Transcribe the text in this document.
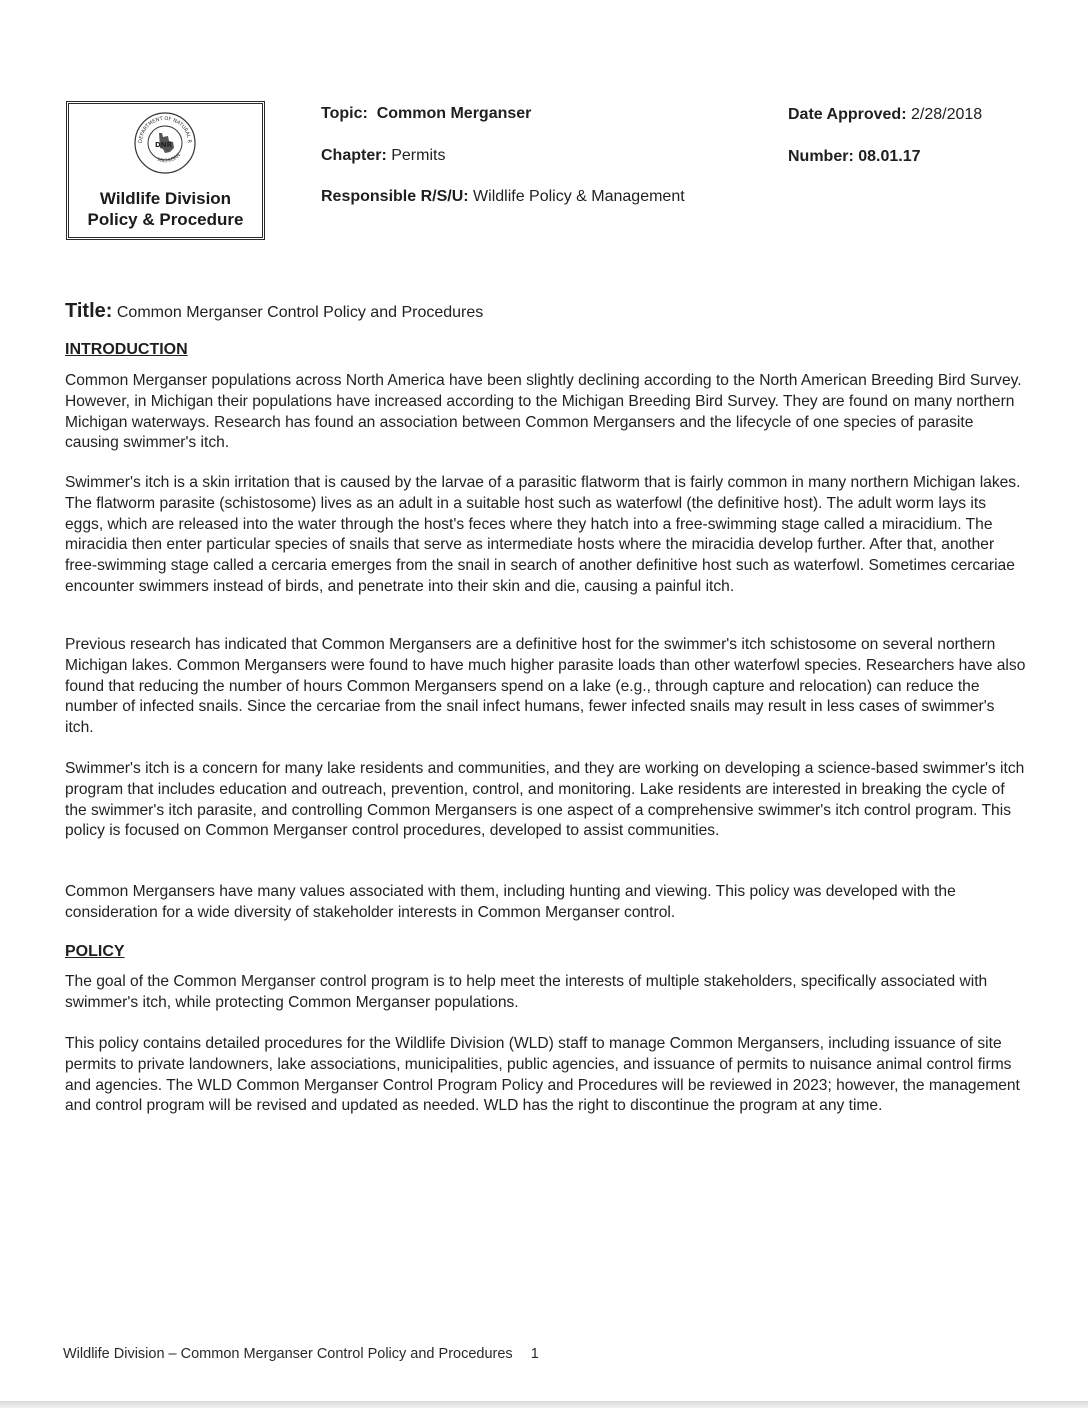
DEPARTMENT OF NATURAL R
MICHIGAN
DNR
Wildlife Division
Policy & Procedure
Topic: Common Merganser
Chapter: Permits
Responsible R/S/U: Wildlife Policy & Management
Date Approved: 2/28/2018
Number: 08.01.17
Title: Common Merganser Control Policy and Procedures
INTRODUCTION

Common Merganser populations across North America have been slightly declining according to the North American Breeding Bird Survey. However, in Michigan their populations have increased according to the Michigan Breeding Bird Survey. They are found on many northern Michigan waterways. Research has found an association between Common Mergansers and the lifecycle of one species of parasite causing swimmer's itch.

Swimmer's itch is a skin irritation that is caused by the larvae of a parasitic flatworm that is fairly common in many northern Michigan lakes. The flatworm parasite (schistosome) lives as an adult in a suitable host such as waterfowl (the definitive host). The adult worm lays its eggs, which are released into the water through the host's feces where they hatch into a free-swimming stage called a miracidium. The miracidia then enter particular species of snails that serve as intermediate hosts where the miracidia develop further. After that, another free-swimming stage called a cercaria emerges from the snail in search of another definitive host such as waterfowl. Sometimes cercariae encounter swimmers instead of birds, and penetrate into their skin and die, causing a painful itch.

Previous research has indicated that Common Mergansers are a definitive host for the swimmer's itch schistosome on several northern Michigan lakes. Common Mergansers were found to have much higher parasite loads than other waterfowl species. Researchers have also found that reducing the number of hours Common Mergansers spend on a lake (e.g., through capture and relocation) can reduce the number of infected snails. Since the cercariae from the snail infect humans, fewer infected snails may result in less cases of swimmer's itch.

Swimmer's itch is a concern for many lake residents and communities, and they are working on developing a science-based swimmer's itch program that includes education and outreach, prevention, control, and monitoring. Lake residents are interested in breaking the cycle of the swimmer's itch parasite, and controlling Common Mergansers is one aspect of a comprehensive swimmer's itch control program. This policy is focused on Common Merganser control procedures, developed to assist communities.

Common Mergansers have many values associated with them, including hunting and viewing. This policy was developed with the consideration for a wide diversity of stakeholder interests in Common Merganser control.

POLICY

The goal of the Common Merganser control program is to help meet the interests of multiple stakeholders, specifically associated with swimmer's itch, while protecting Common Merganser populations.

This policy contains detailed procedures for the Wildlife Division (WLD) staff to manage Common Mergansers, including issuance of site permits to private landowners, lake associations, municipalities, public agencies, and issuance of permits to nuisance animal control firms and agencies. The WLD Common Merganser Control Program Policy and Procedures will be reviewed in 2023; however, the management and control program will be revised and updated as needed. WLD has the right to discontinue the program at any time.

Wildlife Division – Common Merganser Control Policy and Procedures 1
